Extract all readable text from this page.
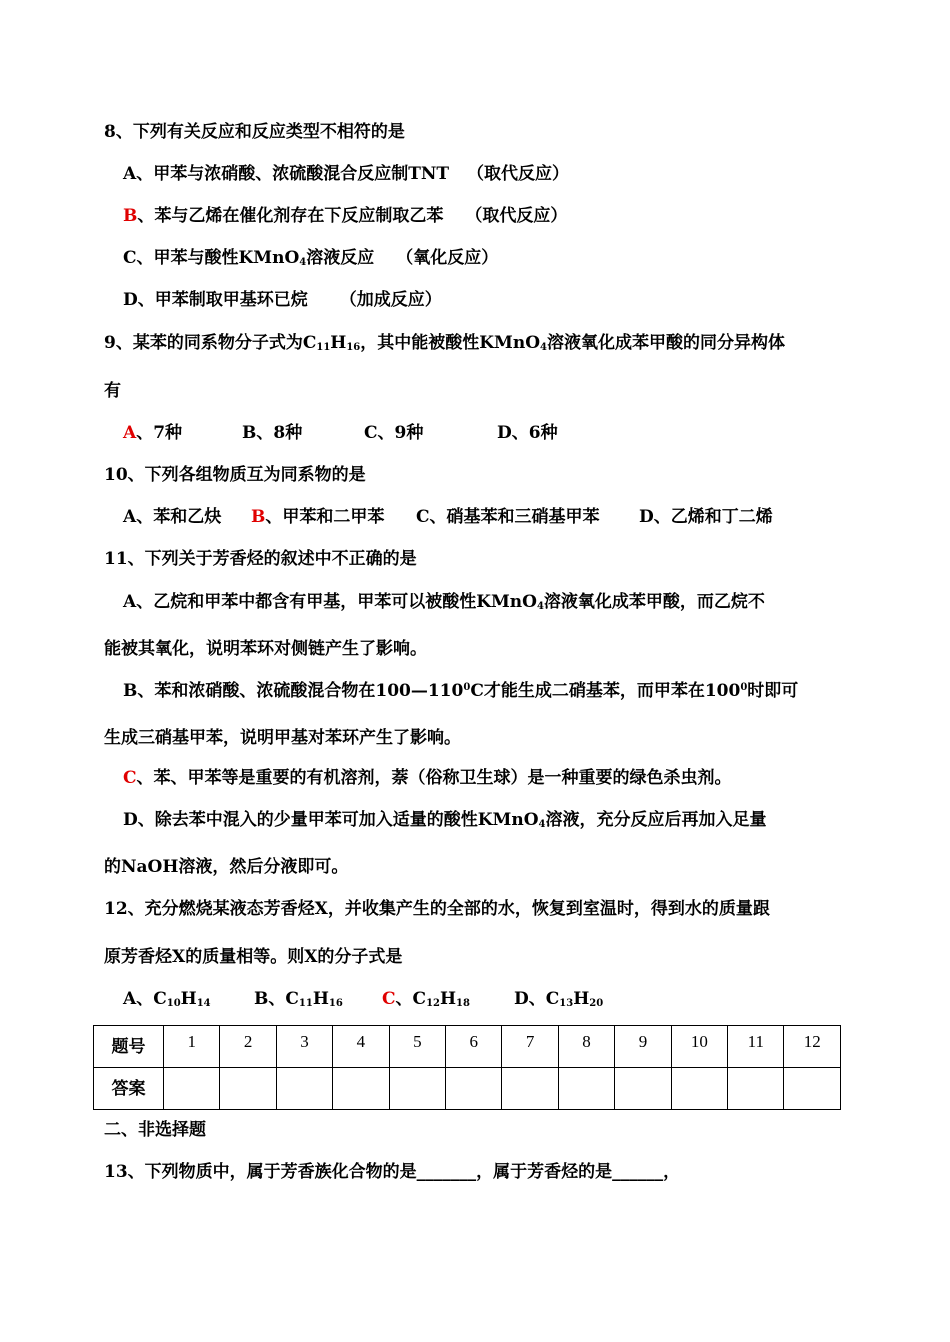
8、下列有关反应和反应类型不相符的是
A、甲苯与浓硝酸、浓硫酸混合反应制TNT （取代反应）
B、苯与乙烯在催化剂存在下反应制取乙苯 （取代反应）
C、甲苯与酸性KMnO$_4$溶液反应 （氧化反应）
D、甲苯制取甲基环已烷 （加成反应）
9、某苯的同系物分子式为$C_{11}H_{16}$，其中能被酸性KMnO$_4$溶液氧化成苯甲酸的同分异构体
有
A、7种	B、8种	C、9种	D、6种
10、下列各组物质互为同系物的是
A、苯和乙炔 B、甲苯和二甲苯 C、硝基苯和三硝基甲苯 D、乙烯和丁二烯
11、下列关于芳香烃的叙述中不正确的是
A、乙烷和甲苯中都含有甲基，甲苯可以被酸性KMnO$_4$溶液氧化成苯甲酸，而乙烷不
能被其氧化，说明苯环对侧链产生了影响。
B、苯和浓硝酸、浓硫酸混合物在$100—110^0C$才能生成二硝基苯，而甲苯在$100^0$时即可
生成三硝基甲苯，说明甲基对苯环产生了影响。
C、苯、甲苯等是重要的有机溶剂，萘（俗称卫生球）是一种重要的绿色杀虫剂。
D、除去苯中混入的少量甲苯可加入适量的酸性KMnO$_4$溶液，充分反应后再加入足量
的NaOH溶液，然后分液即可。
12、充分燃烧某液态芳香烃X，并收集产生的全部的水，恢复到室温时，得到水的质量跟
原芳香烃X的质量相等。则X的分子式是
A、$C_{10}H_{14}$	B、$C_{11}H_{16}$ C、$C_{12}H_{18}$	D、$C_{13}H_{20}$
题号	1	2	3	4	5	6	7	8	9	10	11	12
答案												
二、非选择题
13、下列物质中，属于芳香族化合物的是_______，属于芳香烃的是______，
